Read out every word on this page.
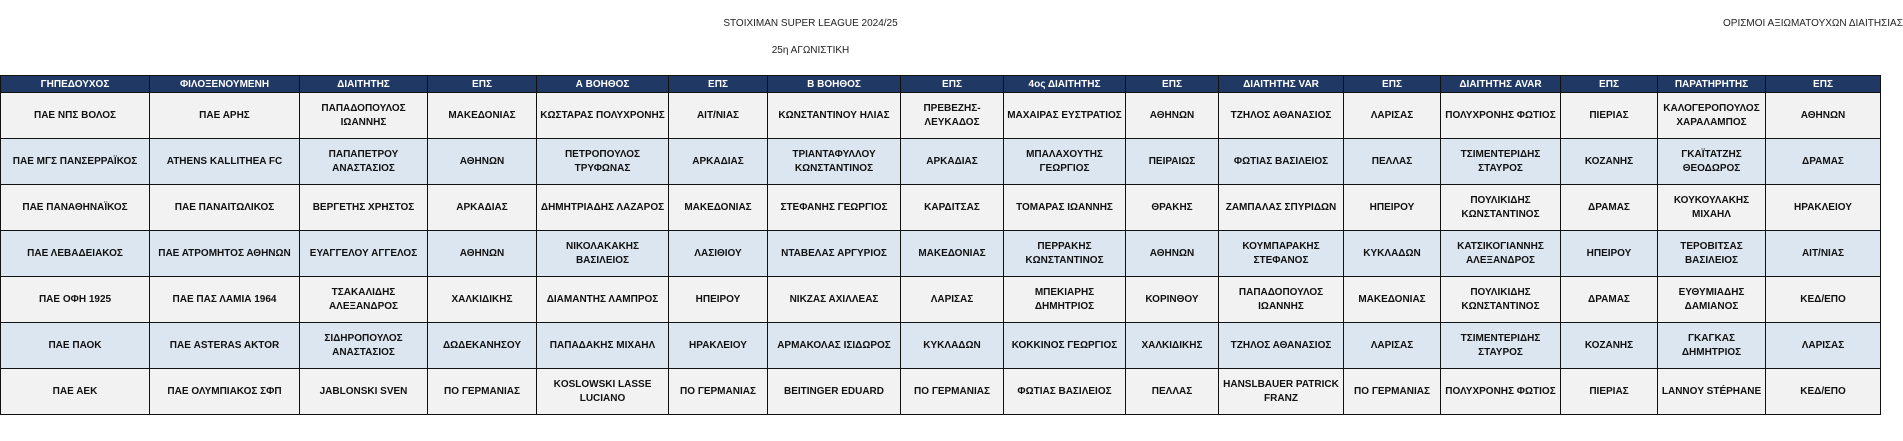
STOIXIMAN SUPER LEAGUE 2024/25
25η ΑΓΩΝΙΣΤΙΚΗ
ΟΡΙΣΜΟΙ ΑΞΙΩΜΑΤΟΥΧΩΝ ΔΙΑΙΤΗΣΙΑΣ
ΓΗΠΕΔΟΥΧΟΣ	ΦΙΛΟΞΕΝΟΥΜΕΝΗ	ΔΙΑΙΤΗΤΗΣ	ΕΠΣ	Α ΒΟΗΘΟΣ	ΕΠΣ	Β ΒΟΗΘΟΣ	ΕΠΣ	4ος ΔΙΑΙΤΗΤΗΣ	ΕΠΣ	ΔΙΑΙΤΗΤΗΣ VAR	ΕΠΣ	ΔΙΑΙΤΗΤΗΣ AVAR	ΕΠΣ	ΠΑΡΑΤΗΡΗΤΗΣ	ΕΠΣ
ΠΑΕ ΝΠΣ ΒΟΛΟΣ	ΠΑΕ ΑΡΗΣ	ΠΑΠΑΔΟΠΟΥΛΟΣ ΙΩΑΝΝΗΣ	ΜΑΚΕΔΟΝΙΑΣ	ΚΩΣΤΑΡΑΣ ΠΟΛΥΧΡΟΝΗΣ	ΑΙΤ/ΝΙΑΣ	ΚΩΝΣΤΑΝΤΙΝΟΥ ΗΛΙΑΣ	ΠΡΕΒΕΖΗΣ-ΛΕΥΚΑΔΟΣ	ΜΑΧΑΙΡΑΣ ΕΥΣΤΡΑΤΙΟΣ	ΑΘΗΝΩΝ	ΤΖΗΛΟΣ ΑΘΑΝΑΣΙΟΣ	ΛΑΡΙΣΑΣ	ΠΟΛΥΧΡΟΝΗΣ ΦΩΤΙΟΣ	ΠΙΕΡΙΑΣ	ΚΑΛΟΓΕΡΟΠΟΥΛΟΣ ΧΑΡΑΛΑΜΠΟΣ	ΑΘΗΝΩΝ
ΠΑΕ ΜΓΣ ΠΑΝΣΕΡΡΑΪΚΟΣ	ATHENS KALLITHEA FC	ΠΑΠΑΠΕΤΡΟΥ ΑΝΑΣΤΑΣΙΟΣ	ΑΘΗΝΩΝ	ΠΕΤΡΟΠΟΥΛΟΣ ΤΡΥΦΩΝΑΣ	ΑΡΚΑΔΙΑΣ	ΤΡΙΑΝΤΑΦΥΛΛΟΥ ΚΩΝΣΤΑΝΤΙΝΟΣ	ΑΡΚΑΔΙΑΣ	ΜΠΑΛΑΧΟΥΤΗΣ ΓΕΩΡΓΙΟΣ	ΠΕΙΡΑΙΩΣ	ΦΩΤΙΑΣ ΒΑΣΙΛΕΙΟΣ	ΠΕΛΛΑΣ	ΤΣΙΜΕΝΤΕΡΙΔΗΣ ΣΤΑΥΡΟΣ	ΚΟΖΑΝΗΣ	ΓΚΑΪΤΑΤΖΗΣ ΘΕΟΔΩΡΟΣ	ΔΡΑΜΑΣ
ΠΑΕ ΠΑΝΑΘΗΝΑΪΚΟΣ	ΠΑΕ ΠΑΝΑΙΤΩΛΙΚΟΣ	ΒΕΡΓΕΤΗΣ ΧΡΗΣΤΟΣ	ΑΡΚΑΔΙΑΣ	ΔΗΜΗΤΡΙΑΔΗΣ ΛΑΖΑΡΟΣ	ΜΑΚΕΔΟΝΙΑΣ	ΣΤΕΦΑΝΗΣ ΓΕΩΡΓΙΟΣ	ΚΑΡΔΙΤΣΑΣ	ΤΟΜΑΡΑΣ ΙΩΑΝΝΗΣ	ΘΡΑΚΗΣ	ΖΑΜΠΑΛΑΣ ΣΠΥΡΙΔΩΝ	ΗΠΕΙΡΟΥ	ΠΟΥΛΙΚΙΔΗΣ ΚΩΝΣΤΑΝΤΙΝΟΣ	ΔΡΑΜΑΣ	ΚΟΥΚΟΥΛΑΚΗΣ ΜΙΧΑΗΛ	ΗΡΑΚΛΕΙΟΥ
ΠΑΕ ΛΕΒΑΔΕΙΑΚΟΣ	ΠΑΕ ΑΤΡΟΜΗΤΟΣ ΑΘΗΝΩΝ	ΕΥΑΓΓΕΛΟΥ ΑΓΓΕΛΟΣ	ΑΘΗΝΩΝ	ΝΙΚΟΛΑΚΑΚΗΣ ΒΑΣΙΛΕΙΟΣ	ΛΑΣΙΘΙΟΥ	ΝΤΑΒΕΛΑΣ ΑΡΓΥΡΙΟΣ	ΜΑΚΕΔΟΝΙΑΣ	ΠΕΡΡΑΚΗΣ ΚΩΝΣΤΑΝΤΙΝΟΣ	ΑΘΗΝΩΝ	ΚΟΥΜΠΑΡΑΚΗΣ ΣΤΕΦΑΝΟΣ	ΚΥΚΛΑΔΩΝ	ΚΑΤΣΙΚΟΓΙΑΝΝΗΣ ΑΛΕΞΑΝΔΡΟΣ	ΗΠΕΙΡΟΥ	ΤΕΡΟΒΙΤΣΑΣ ΒΑΣΙΛΕΙΟΣ	ΑΙΤ/ΝΙΑΣ
ΠΑΕ ΟΦΗ 1925	ΠΑΕ ΠΑΣ ΛΑΜΙΑ 1964	ΤΣΑΚΑΛΙΔΗΣ ΑΛΕΞΑΝΔΡΟΣ	ΧΑΛΚΙΔΙΚΗΣ	ΔΙΑΜΑΝΤΗΣ ΛΑΜΠΡΟΣ	ΗΠΕΙΡΟΥ	ΝΙΚΖΑΣ ΑΧΙΛΛΕΑΣ	ΛΑΡΙΣΑΣ	ΜΠΕΚΙΑΡΗΣ ΔΗΜΗΤΡΙΟΣ	ΚΟΡΙΝΘΟΥ	ΠΑΠΑΔΟΠΟΥΛΟΣ ΙΩΑΝΝΗΣ	ΜΑΚΕΔΟΝΙΑΣ	ΠΟΥΛΙΚΙΔΗΣ ΚΩΝΣΤΑΝΤΙΝΟΣ	ΔΡΑΜΑΣ	ΕΥΘΥΜΙΑΔΗΣ ΔΑΜΙΑΝΟΣ	ΚΕΔ/ΕΠΟ
ΠΑΕ ΠΑΟΚ	ΠΑΕ ASTERAS AKTOR	ΣΙΔΗΡΟΠΟΥΛΟΣ ΑΝΑΣΤΑΣΙΟΣ	ΔΩΔΕΚΑΝΗΣΟΥ	ΠΑΠΑΔΑΚΗΣ ΜΙΧΑΗΛ	ΗΡΑΚΛΕΙΟΥ	ΑΡΜΑΚΟΛΑΣ ΙΣΙΔΩΡΟΣ	ΚΥΚΛΑΔΩΝ	ΚΟΚΚΙΝΟΣ ΓΕΩΡΓΙΟΣ	ΧΑΛΚΙΔΙΚΗΣ	ΤΖΗΛΟΣ ΑΘΑΝΑΣΙΟΣ	ΛΑΡΙΣΑΣ	ΤΣΙΜΕΝΤΕΡΙΔΗΣ ΣΤΑΥΡΟΣ	ΚΟΖΑΝΗΣ	ΓΚΑΓΚΑΣ ΔΗΜΗΤΡΙΟΣ	ΛΑΡΙΣΑΣ
ΠΑΕ ΑΕΚ	ΠΑΕ ΟΛΥΜΠΙΑΚΟΣ ΣΦΠ	JABLONSKI SVEN	ΠΟ ΓΕΡΜΑΝΙΑΣ	KOSLOWSKI LASSE LUCIANO	ΠΟ ΓΕΡΜΑΝΙΑΣ	BEITINGER EDUARD	ΠΟ ΓΕΡΜΑΝΙΑΣ	ΦΩΤΙΑΣ ΒΑΣΙΛΕΙΟΣ	ΠΕΛΛΑΣ	HANSLBAUER PATRICK FRANZ	ΠΟ ΓΕΡΜΑΝΙΑΣ	ΠΟΛΥΧΡΟΝΗΣ ΦΩΤΙΟΣ	ΠΙΕΡΙΑΣ	LANNOY STÉPHANE	ΚΕΔ/ΕΠΟ
